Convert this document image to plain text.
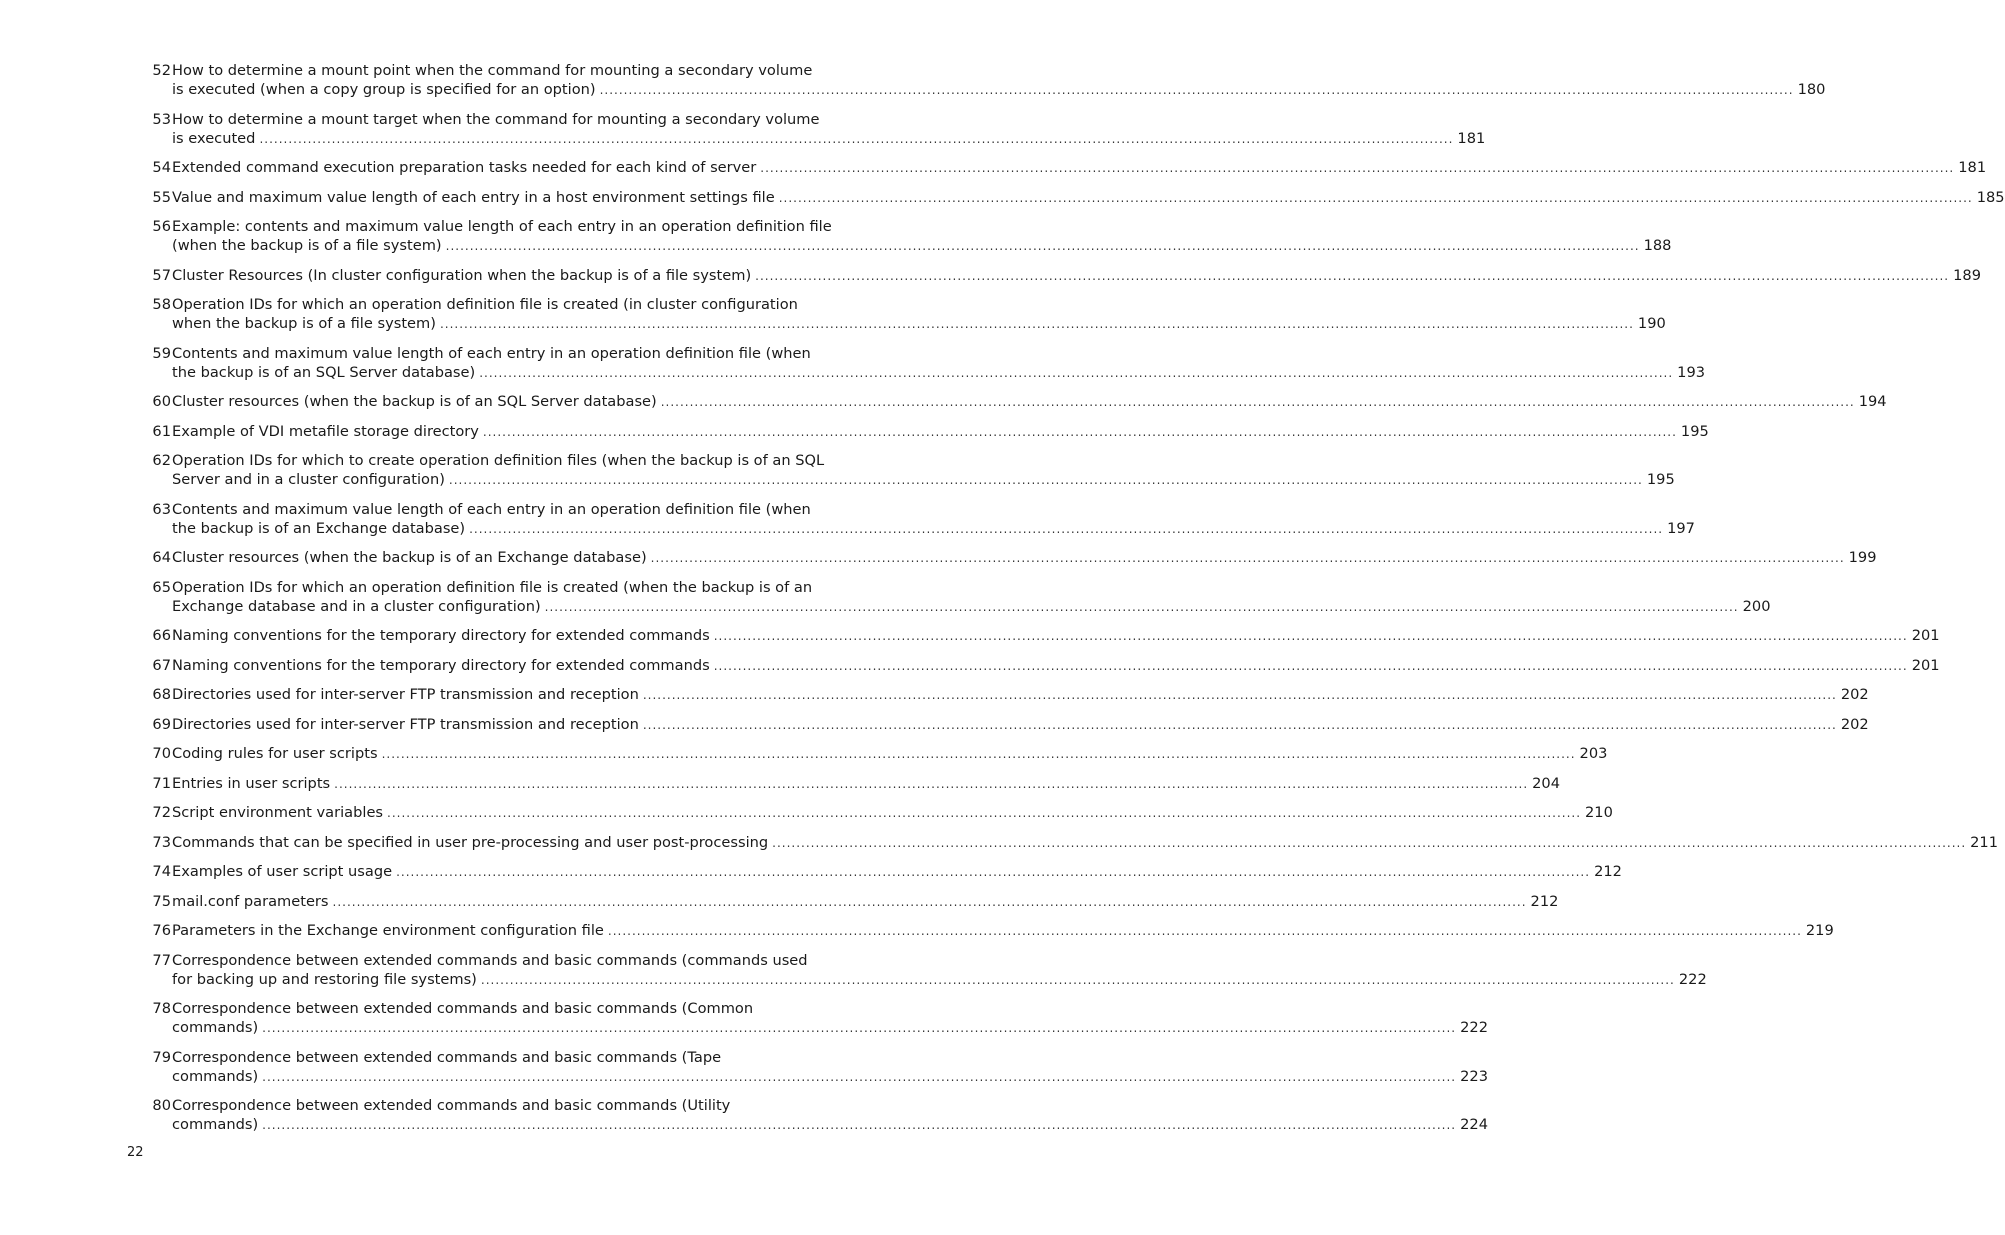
52 How to determine a mount point when the command for mounting a secondary volume
is executed (when a copy group is specified for an option) .....	180
53 How to determine a mount target when the command for mounting a secondary volume
is executed .....	181
54 Extended command execution preparation tasks needed for each kind of server .....	181
55 Value and maximum value length of each entry in a host environment settings file .....	185
56 Example: contents and maximum value length of each entry in an operation definition file
(when the backup is of a file system) .....	188
57 Cluster Resources (In cluster configuration when the backup is of a file system) .....	189
58 Operation IDs for which an operation definition file is created (in cluster configuration
when the backup is of a file system) .....	190
59 Contents and maximum value length of each entry in an operation definition file (when
the backup is of an SQL Server database) .....	193
60 Cluster resources (when the backup is of an SQL Server database) .....	194
61 Example of VDI metafile storage directory .....	195
62 Operation IDs for which to create operation definition files (when the backup is of an SQL
Server and in a cluster configuration) .....	195
63 Contents and maximum value length of each entry in an operation definition file (when
the backup is of an Exchange database) .....	197
64 Cluster resources (when the backup is of an Exchange database) .....	199
65 Operation IDs for which an operation definition file is created (when the backup is of an
Exchange database and in a cluster configuration) .....	200
66 Naming conventions for the temporary directory for extended commands .....	201
67 Naming conventions for the temporary directory for extended commands .....	201
68 Directories used for inter-server FTP transmission and reception .....	202
69 Directories used for inter-server FTP transmission and reception .....	202
70 Coding rules for user scripts .....	203
71 Entries in user scripts .....	204
72 Script environment variables .....	210
73 Commands that can be specified in user pre-processing and user post-processing .....	211
74 Examples of user script usage .....	212
75 mail.conf parameters .....	212
76 Parameters in the Exchange environment configuration file .....	219
77 Correspondence between extended commands and basic commands (commands used
for backing up and restoring file systems) .....	222
78 Correspondence between extended commands and basic commands (Common
commands) .....	222
79 Correspondence between extended commands and basic commands (Tape
commands) .....	223
80 Correspondence between extended commands and basic commands (Utility
commands) .....	224
22
